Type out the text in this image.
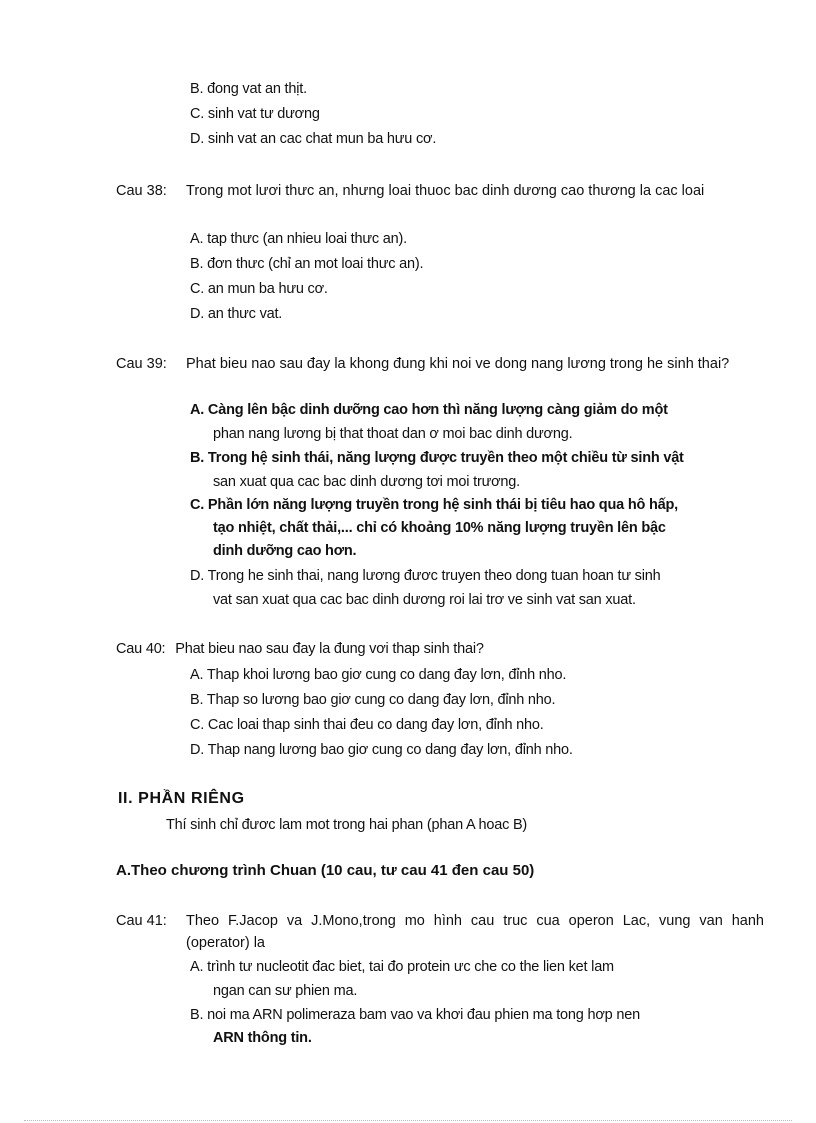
B. đong vat an thịt.
C. sinh vat tư dương
D. sinh vat an cac chat mun ba hưu cơ.
Cau 38: Trong mot lươi thưc an, nhưng loai thuoc bac dinh dương cao thương la cac loai
A. tap thưc (an nhieu loai thưc an).
B. đơn thưc (chỉ an mot loai thưc an).
C. an mun ba hưu cơ.
D. an thưc vat.
Cau 39: Phat bieu nao sau đay la khong đung khi noi ve dong nang lương trong he sinh thai?
A. Càng lên bậc dinh dưỡng cao hơn thì năng lượng càng giảm do một
phan nang lương bị that thoat dan ơ moi bac dinh dương.
B. Trong hệ sinh thái, năng lượng được truyền theo một chiều từ sinh vật
san xuat qua cac bac dinh dương tơi moi trương.
C. Phần lớn năng lượng truyền trong hệ sinh thái bị tiêu hao qua hô hấp,
tạo nhiệt, chất thải,... chỉ có khoảng 10% năng lượng truyền lên bậc
dinh dưỡng cao hơn.
D. Trong he sinh thai, nang lương đươc truyen theo dong tuan hoan tư sinh
vat san xuat qua cac bac dinh dương roi lai trơ ve sinh vat san xuat.
Cau 40: Phat bieu nao sau đay la đung vơi thap sinh thai?
A. Thap khoi lương bao giơ cung co dang đay lơn, đỉnh nho.
B. Thap so lương bao giơ cung co dang đay lơn, đỉnh nho.
C. Cac loai thap sinh thai đeu co dang đay lơn, đỉnh nho.
D. Thap nang lương bao giơ cung co dang đay lơn, đỉnh nho.
II. PHẦN RIÊNG
Thí sinh chỉ đươc lam mot trong hai phan (phan A hoac B)
A.Theo chương trình Chuan (10 cau, tư cau 41 đen cau 50)
Cau 41: Theo F.Jacop va J.Mono,trong mo hình cau truc cua operon Lac, vung van hanh (operator) la
A. trình tư nucleotit đac biet, tai đo protein ưc che co the lien ket lam
ngan can sư phien ma.
B. noi ma ARN polimeraza bam vao va khơi đau phien ma tong hơp nen
ARN thông tin.
